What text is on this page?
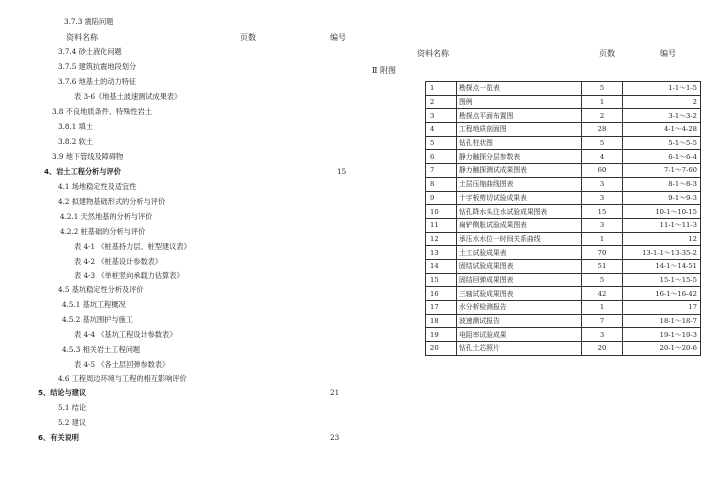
3.7.3 震陷问题
资料名称	页数	编号
3.7.4 砂土液化问题
3.7.5 建筑抗震地段划分
3.7.6 地基土的动力特征
表 3-6《地基土波速测试成果表》
3.8 不良地质条件、特殊性岩土
3.8.1 填土
3.8.2 软土
3.9 地下管线及障碍物
4、岩土工程分析与评价	15
4.1 场地稳定性及适宜性
4.2 拟建物基础形式的分析与评价
4.2.1 天然地基的分析与评价
4.2.2 桩基础的分析与评价
表 4-1 《桩基持力层、桩型建议表》
表 4-2 《桩基设计参数表》
表 4-3 《单桩竖向承载力估算表》
4.5 基坑稳定性分析及评价
4.5.1 基坑工程概况
4.5.2 基坑围护与施工
表 4-4 《基坑工程设计参数表》
4.5.3 相关岩土工程问题
表 4-5 《各土层回弹参数表》
4.6 工程周边环境与工程的相互影响评价
5、结论与建议	21
5.1 结论
5.2 建议
6、有关说明	23
资料名称	页数	编号
Ⅱ 附图
1	勘探点一览表	5	1-1～1-5
2	图例	1	2
3	勘探点平面布置图	2	3-1～3-2
4	工程地质剖面图	28	4-1～4-28
5	钻孔柱状图	5	5-1～5-5
6	静力触探分层参数表	4	6-1～6-4
7	静力触探测试成果图表	60	7-1～7-60
8	土层压缩曲线图表	3	8-1～8-3
9	十字板剪切试验成果表	3	9-1～9-3
10	钻孔降水头注水试验成果图表	15	10-1～10-15
11	扁铲侧胀试验成果图表	3	11-1～11-3
12	承压水水位一时间关系曲线	1	12
13	土工试验成果表	70	13-1-1～13-35-2
14	固结试验成果图表	51	14-1～14-51
15	固结回弹成果图表	5	15-1～15-5
16	三轴试验成果图表	42	16-1～16-42
17	水分析检测报告	1	17
18	波速测试报告	7	18-1～18-7
19	电阻率试验成果	3	19-1～19-3
20	钻孔土芯照片	20	20-1～20-6
